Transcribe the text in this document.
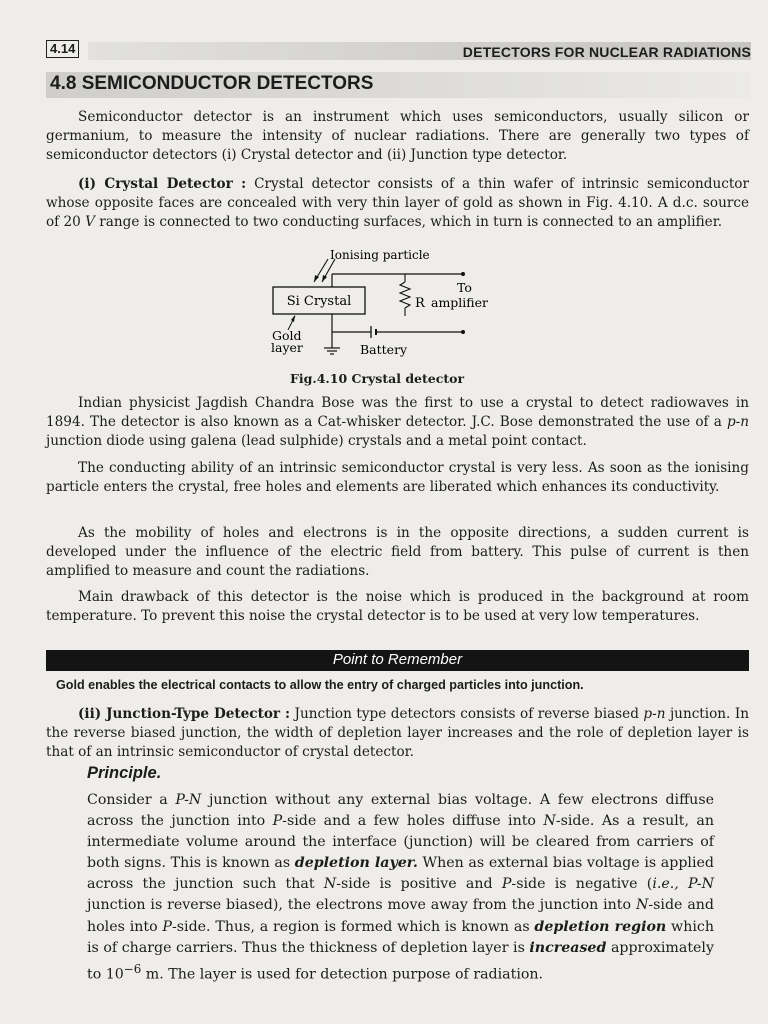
4.14	DETECTORS FOR NUCLEAR RADIATIONS
4.8 SEMICONDUCTOR DETECTORS

Semiconductor detector is an instrument which uses semiconductors, usually silicon or germanium, to measure the intensity of nuclear radiations. There are generally two types of semiconductor detectors (i) Crystal detector and (ii) Junction type detector.

(i) Crystal Detector : Crystal detector consists of a thin wafer of intrinsic semiconductor whose opposite faces are concealed with very thin layer of gold as shown in Fig. 4.10. A d.c. source of 20 V range is connected to two conducting surfaces, which in turn is connected to an amplifier.

Si Crystal
Ionising particle
R
To
amplifier
Battery
Gold
layer
Fig.4.10 Crystal detector

Indian physicist Jagdish Chandra Bose was the first to use a crystal to detect radiowaves in 1894. The detector is also known as a Cat-whisker detector. J.C. Bose demonstrated the use of a p-n junction diode using galena (lead sulphide) crystals and a metal point contact.

The conducting ability of an intrinsic semiconductor crystal is very less. As soon as the ionising particle enters the crystal, free holes and elements are liberated which enhances its conductivity.

As the mobility of holes and electrons is in the opposite directions, a sudden current is developed under the influence of the electric field from battery. This pulse of current is then amplified to measure and count the radiations.

Main drawback of this detector is the noise which is produced in the background at room temperature. To prevent this noise the crystal detector is to be used at very low temperatures.

Point to Remember
Gold enables the electrical contacts to allow the entry of charged particles into junction.

(ii) Junction-Type Detector : Junction type detectors consists of reverse biased p-n junction. In the reverse biased junction, the width of depletion layer increases and the role of depletion layer is that of an intrinsic semiconductor of crystal detector.

Principle.

Consider a P-N junction without any external bias voltage. A few electrons diffuse across the junction into P-side and a few holes diffuse into N-side. As a result, an intermediate volume around the interface (junction) will be cleared from carriers of both signs. This is known as depletion layer. When as external bias voltage is applied across the junction such that N-side is positive and P-side is negative (i.e., P-N junction is reverse biased), the electrons move away from the junction into N-side and holes into P-side. Thus, a region is formed which is known as depletion region which is of charge carriers. Thus the thickness of depletion layer is increased approximately to $10^{-6}$ m. The layer is used for detection purpose of radiation.
